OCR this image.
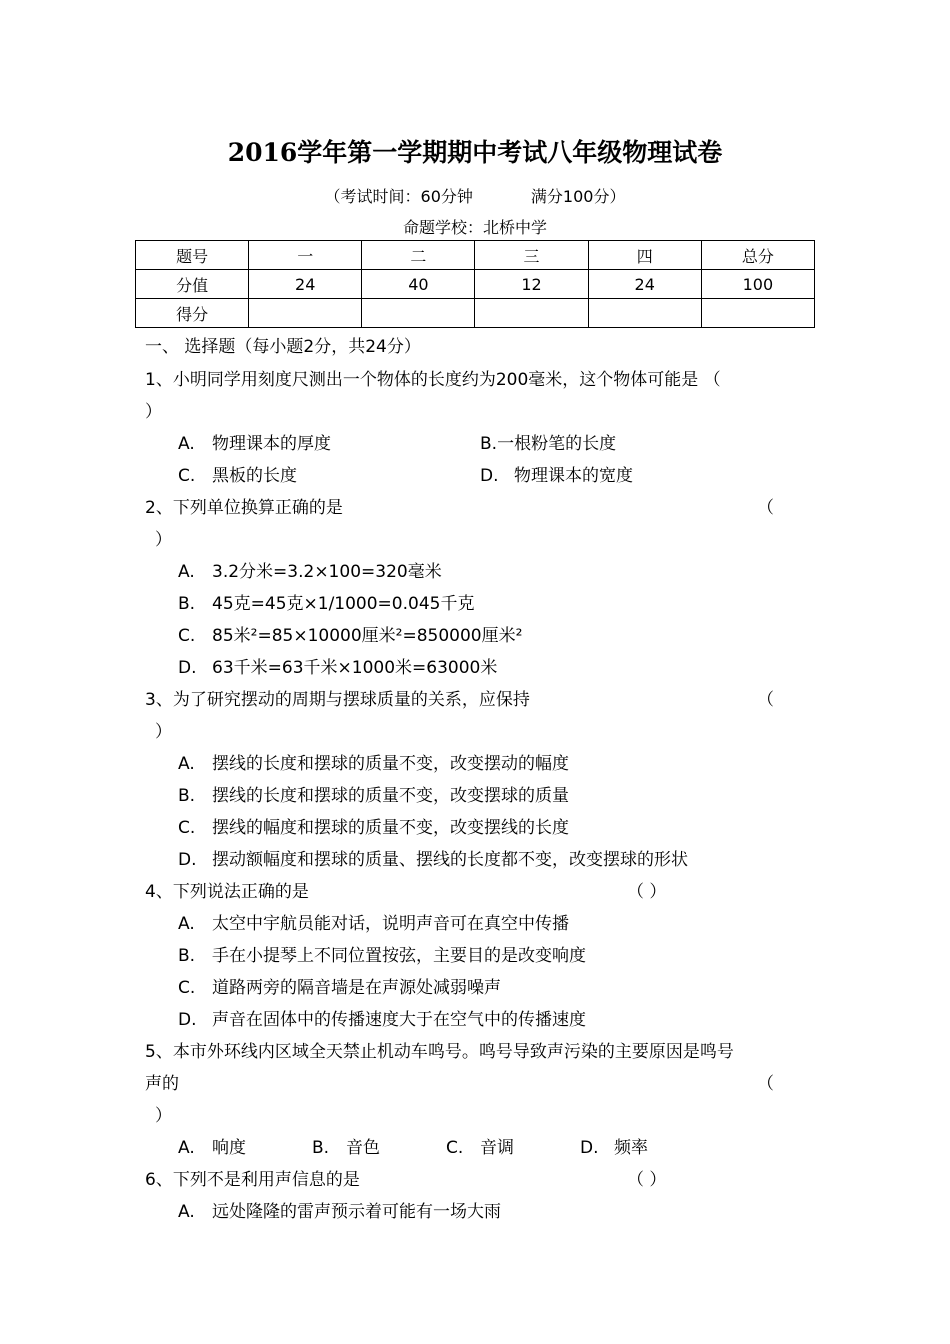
2016学年第一学期期中考试八年级物理试卷
（考试时间：60分钟	满分100分）
命题学校：北桥中学
题号	一	二	三	四	总分
分值	24	40	12	24	100
得分					
一、 选择题（每小题2分，共24分）
1、小明同学用刻度尺测出一个物体的长度约为200毫米，这个物体可能是 （
）
A. 物理课本的厚度	B.一根粉笔的长度
C. 黑板的长度	D. 物理课本的宽度
2、下列单位换算正确的是	（
）
A. 3.2分米=3.2×100=320毫米
B. 45克=45克×1/1000=0.045千克
C. 85米²=85×10000厘米²=850000厘米²
D. 63千米=63千米×1000米=63000米
3、为了研究摆动的周期与摆球质量的关系，应保持	（
）
A. 摆线的长度和摆球的质量不变，改变摆动的幅度
B. 摆线的长度和摆球的质量不变，改变摆球的质量
C. 摆线的幅度和摆球的质量不变，改变摆线的长度
D. 摆动额幅度和摆球的质量、摆线的长度都不变，改变摆球的形状
4、下列说法正确的是	（ ）
A. 太空中宇航员能对话，说明声音可在真空中传播
B. 手在小提琴上不同位置按弦，主要目的是改变响度
C. 道路两旁的隔音墙是在声源处减弱噪声
D. 声音在固体中的传播速度大于在空气中的传播速度
5、本市外环线内区域全天禁止机动车鸣号。鸣号导致声污染的主要原因是鸣号
声的	（
）
A. 响度	B. 音色	C. 音调	D. 频率
6、下列不是利用声信息的是	（ ）
A. 远处隆隆的雷声预示着可能有一场大雨
